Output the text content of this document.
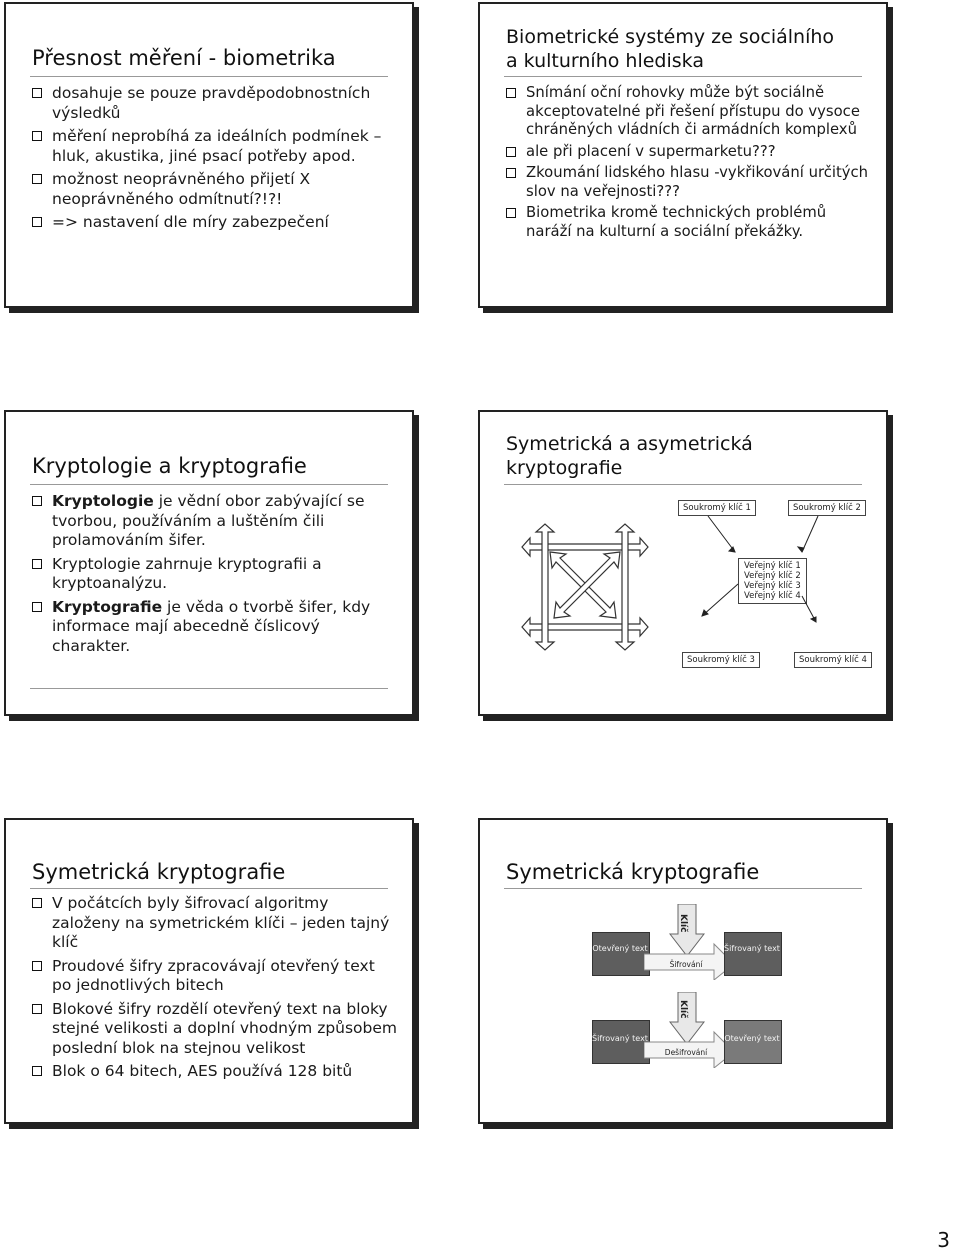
Přesnost měření - biometrika
dosahuje se pouze pravděpodobnostních výsledků
měření neprobíhá za ideálních podmínek – hluk, akustika, jiné psací potřeby apod.
možnost neoprávněného přijetí X neoprávněného odmítnutí?!?!
=> nastavení dle míry zabezpečení
Biometrické systémy ze sociálního
a kulturního hlediska
Snímání oční rohovky může být sociálně akceptovatelné při řešení přístupu do vysoce chráněných vládních či armádních komplexů
ale při placení v supermarketu???
Zkoumání lidského hlasu -vykřikování určitých slov na veřejnosti???
Biometrika kromě technických problémů naráží na kulturní a sociální překážky.
Kryptologie a kryptografie
Kryptologie je vědní obor zabývající se tvorbou, používáním a luštěním čili prolamováním šifer.
Kryptologie zahrnuje kryptografii a kryptoanalýzu.
Kryptografie je věda o tvorbě šifer, kdy informace mají abecedně číslicový charakter.
Symetrická a asymetrická
kryptografie
Soukromý klíč 1	Soukromý klíč 2
Veřejný klíč 1
Veřejný klíč 2
Veřejný klíč 3
Veřejný klíč 4
Soukromý klíč 3	Soukromý klíč 4
Symetrická kryptografie
V počátcích byly šifrovací algoritmy založeny na symetrickém klíči – jeden tajný klíč
Proudové šifry zpracovávají otevřený text po jednotlivých bitech
Blokové šifry rozdělí otevřený text na bloky stejné velikosti a doplní vhodným způsobem poslední blok na stejnou velikost
Blok o 64 bitech, AES používá 128 bitů
Symetrická kryptografie
Otevřený text
Klíč
Šifrování
Šifrovaný text
Šifrovaný text
Klíč
Dešifrování
Otevřený text
3
